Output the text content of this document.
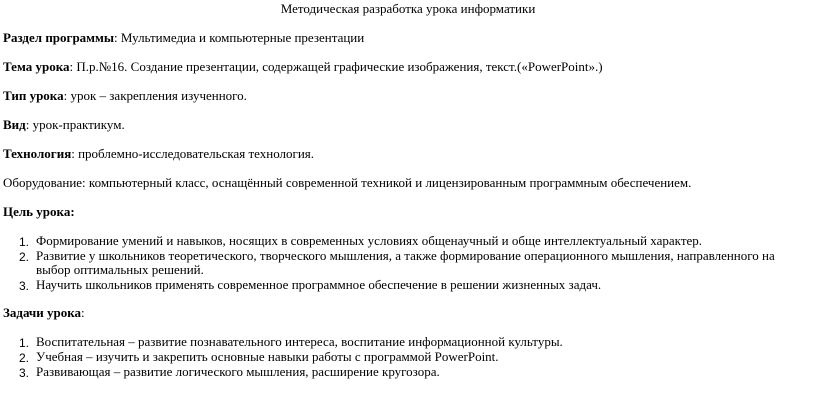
Методическая разработка урока информатики
Раздел программы: Мультимедиа и компьютерные презентации
Тема урока: П.р.№16. Создание презентации, содержащей графические изображения, текст.(«PowerPoint».)
Тип урока: урок – закрепления изученного.
Вид: урок-практикум.
Технология: проблемно-исследовательская технология.
Оборудование: компьютерный класс, оснащённый современной техникой и лицензированным программным обеспечением.
Цель урока:
1. Формирование умений и навыков, носящих в современных условиях общенаучный и обще интеллектуальный характер.
2. Развитие у школьников теоретического, творческого мышления, а также формирование операционного мышления, направленного на выбор оптимальных решений.
3. Научить школьников применять современное программное обеспечение в решении жизненных задач.
Задачи урока:
1. Воспитательная – развитие познавательного интереса, воспитание информационной культуры.
2. Учебная – изучить и закрепить основные навыки работы с программой PowerPoint.
3. Развивающая – развитие логического мышления, расширение кругозора.
